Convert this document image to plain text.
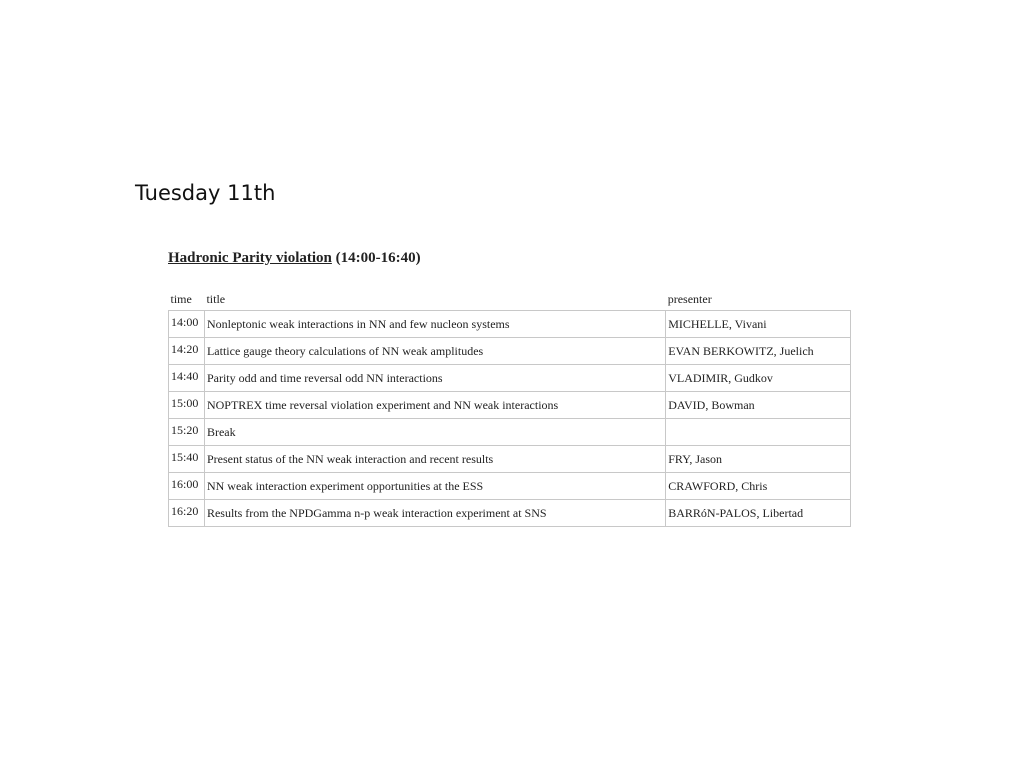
Tuesday 11th
Hadronic Parity violation (14:00-16:40)
time	title	presenter
14:00	Nonleptonic weak interactions in NN and few nucleon systems	MICHELLE, Vivani
14:20	Lattice gauge theory calculations of NN weak amplitudes	EVAN BERKOWITZ, Juelich
14:40	Parity odd and time reversal odd NN interactions	VLADIMIR, Gudkov
15:00	NOPTREX time reversal violation experiment and NN weak interactions	DAVID, Bowman
15:20	Break	
15:40	Present status of the NN weak interaction and recent results	FRY, Jason
16:00	NN weak interaction experiment opportunities at the ESS	CRAWFORD, Chris
16:20	Results from the NPDGamma n-p weak interaction experiment at SNS	BARRóN-PALOS, Libertad
